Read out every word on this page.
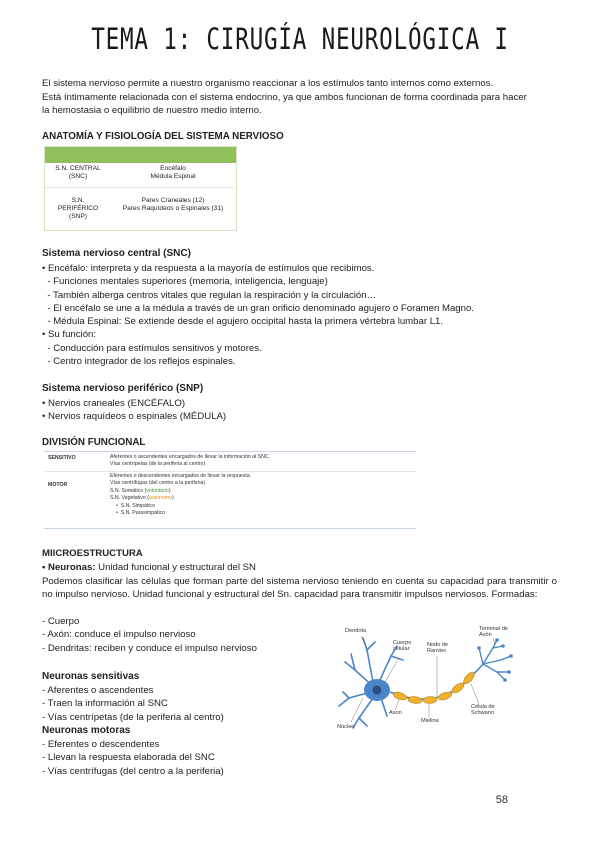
TEMA 1: CIRUGÍA NEUROLÓGICA I
El sistema nervioso permite a nuestro organismo reaccionar a los estímulos tanto internos como externos.
Está íntimamente relacionada con el sistema endocrino, ya que ambos funcionan de forma coordinada para hacer
la hemostasia o equilibrio de nuestro medio interno.
ANATOMÍA Y FISIOLOGÍA DEL SISTEMA NERVIOSO
S.N. CENTRAL
(SNC)
Encéfalo
Médula Espinal
S.N.
PERIFÉRICO
(SNP)
Pares Craneales (12)
Pares Raquídeos o Espinales (31)
Sistema nervioso central (SNC)
• Encéfalo: interpreta y da respuesta a la mayoría de estímulos que recibimos.
- Funciones mentales superiores (memoria, inteligencia, lenguaje)
- También alberga centros vitales que regulan la respiración y la circulación…
- El encéfalo se une a la médula a través de un gran orificio denominado agujero o Foramen Magno.
- Médula Espinal: Se extiende desde el agujero occipital hasta la primera vértebra lumbar L1.
• Su función:
- Conducción para estímulos sensitivos y motores.
- Centro integrador de los reflejos espinales.
Sistema nervioso periférico (SNP)
• Nervios craneales (ENCÉFALO)
• Nervios raquídeos o espinales (MÉDULA)
DIVISIÓN FUNCIONAL
SENSITIVO	Aferentes o ascendentes encargados de llevar la información al SNC.
Vías centrípetas (de la periferia al centro)
MOTOR
Eferentes o descendentes encargados de llevar la respuesta.
Vías centrífugas (del centro a la periferia)
S.N. Somático (voluntario)
S.N. Vegetativo (autónomo)
•  S.N. Simpático
•  S.N. Parasimpático
MIICROESTRUCTURA
• Neuronas: Unidad funcional y estructural del SN
Podemos clasificar las células que forman parte del sistema nervioso teniendo en cuenta su capacidad para transmitir o no impulso nervioso. Unidad funcional y estructural del Sn. capacidad para transmitir impulsos nerviosos. Formadas:
- Cuerpo
- Axón: conduce el impulso nervioso
- Dendritas: reciben y conduce el impulso nervioso
Neuronas sensitivas
- Aferentes o ascendentes
- Traen la información al SNC
- Vías centrípetas (de la periferia al centro)
Neuronas motoras
- Eferentes o descendentes
- Llevan la respuesta elaborada del SNC
- Vías centrífugas (del centro a la periferia)
Dendrita
Cuerpo
celular
Nodo de
Ranvier
Terminal de
Axón
Célula de
Schwann
Axon
Mielina
Núcleo
58
